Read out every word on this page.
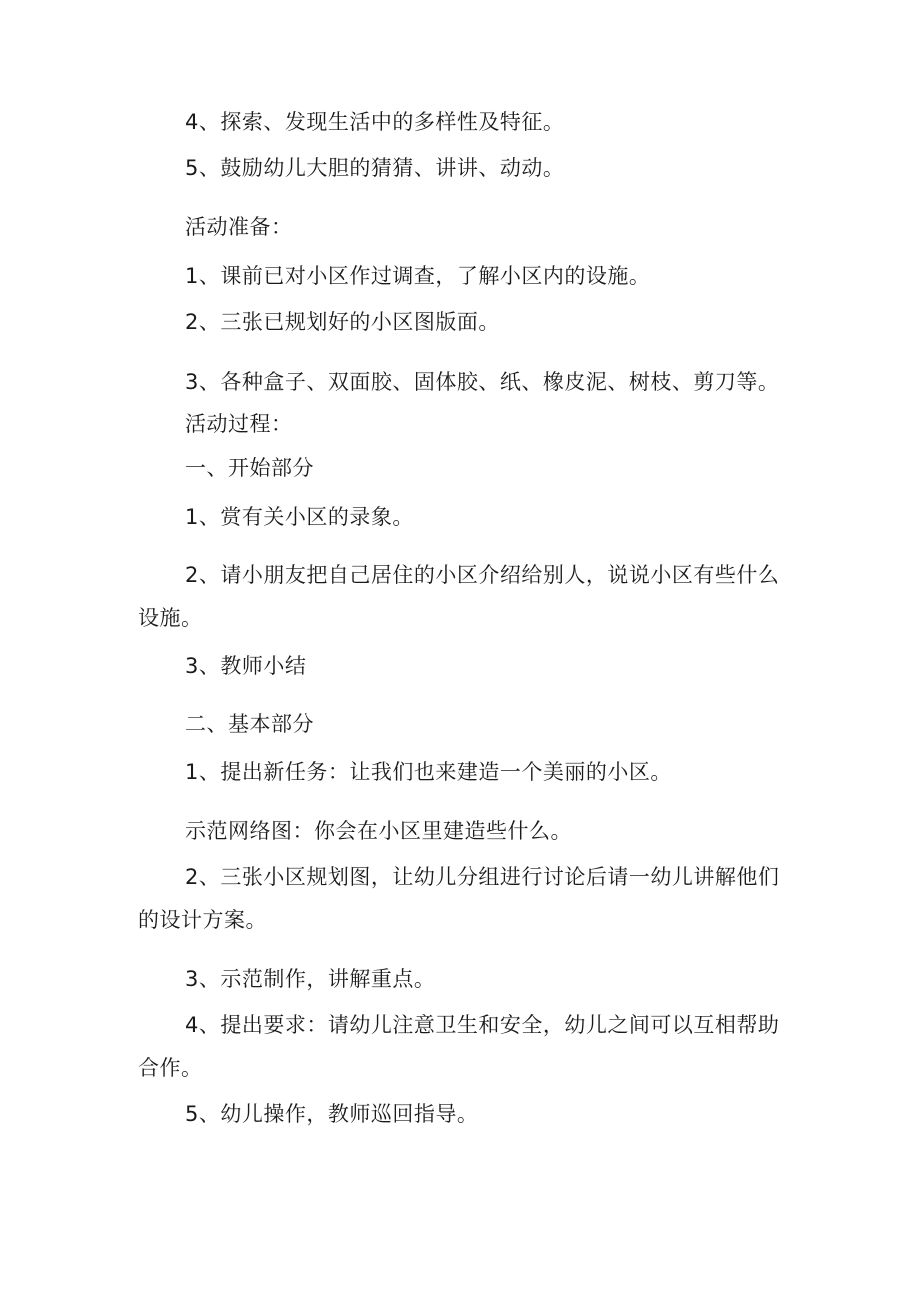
4、探索、发现生活中的多样性及特征。
5、鼓励幼儿大胆的猜猜、讲讲、动动。
活动准备：
1、课前已对小区作过调查，了解小区内的设施。
2、三张已规划好的小区图版面。
3、各种盒子、双面胶、固体胶、纸、橡皮泥、树枝、剪刀等。
活动过程：
一、开始部分
1、赏有关小区的录象。
2、请小朋友把自己居住的小区介绍给别人，说说小区有些什么
设施。
3、教师小结
二、基本部分
1、提出新任务：让我们也来建造一个美丽的小区。
示范网络图：你会在小区里建造些什么。
2、三张小区规划图，让幼儿分组进行讨论后请一幼儿讲解他们
的设计方案。
3、示范制作，讲解重点。
4、提出要求：请幼儿注意卫生和安全，幼儿之间可以互相帮助
合作。
5、幼儿操作，教师巡回指导。
